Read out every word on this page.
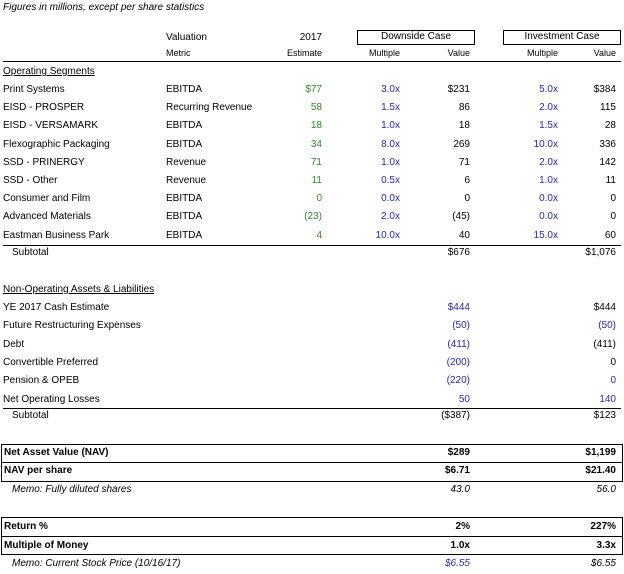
Figures in millions, except per share statistics
Valuation
Metric
2017
Estimate
Downside Case	Investment Case
Multiple	Value	Multiple	Value
Operating Segments
Print Systems	EBITDA	$77	3.0x	$231	5.0x	$384
EISD - PROSPER	Recurring Revenue	58	1.5x	86	2.0x	115
EISD - VERSAMARK	EBITDA	18	1.0x	18	1.5x	28
Flexographic Packaging	EBITDA	34	8.0x	269	10.0x	336
SSD - PRINERGY	Revenue	71	1.0x	71	2.0x	142
SSD - Other	Revenue	11	0.5x	6	1.0x	11
Consumer and Film	EBITDA	0	0.0x	0	0.0x	0
Advanced Materials	EBITDA	(23)	2.0x	(45)	0.0x	0
Eastman Business Park	EBITDA	4	10.0x	40	15.0x	60
Subtotal	$676	$1,076
Non-Operating Assets & Liabilities
YE 2017 Cash Estimate	$444	$444
Future Restructuring Expenses	(50)	(50)
Debt	(411)	(411)
Convertible Preferred	(200)	0
Pension & OPEB	(220)	0
Net Operating Losses	50	140
Subtotal	($387)	$123
Net Asset Value (NAV)	$289	$1,199
NAV per share	$6.71	$21.40
Memo: Fully diluted shares	43.0	56.0
Return %	2%	227%
Multiple of Money	1.0x	3.3x
Memo: Current Stock Price (10/16/17)	$6.55	$6.55
